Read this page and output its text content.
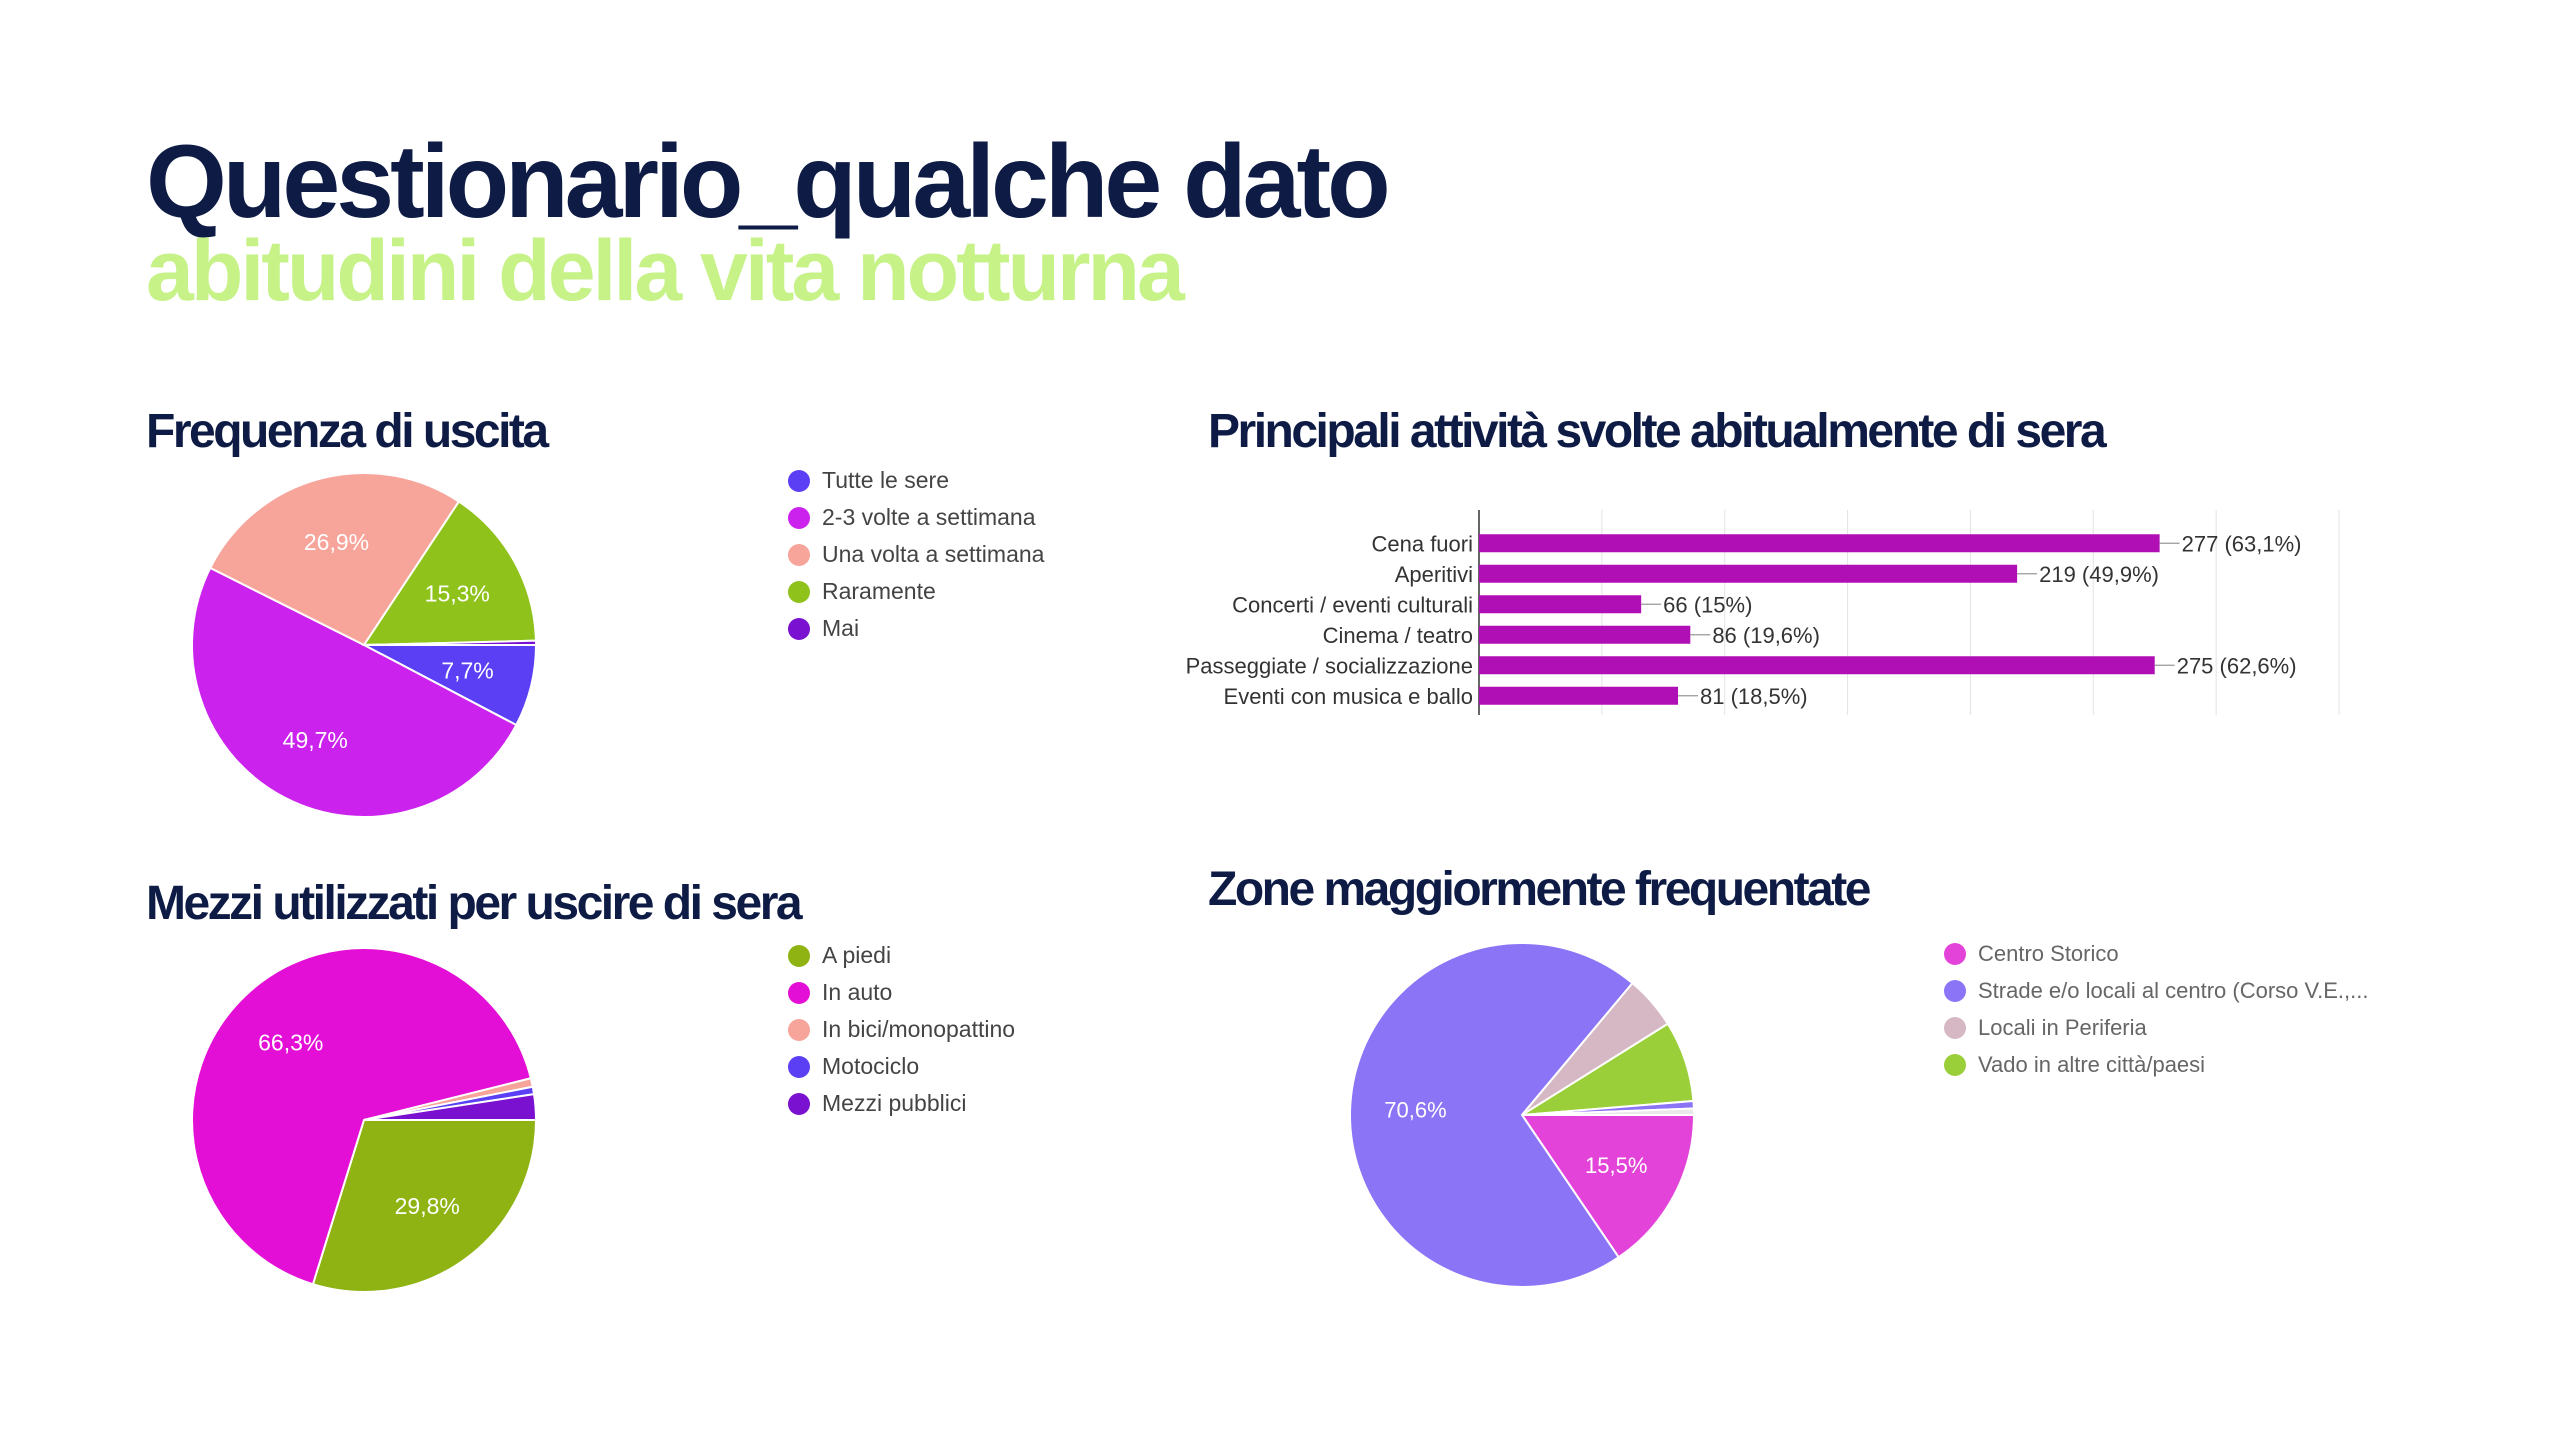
Questionario_qualche dato
abitudini della vita notturna
Frequenza di uscita
7,7%
49,7%
26,9%
15,3%
Tutte le sere
2-3 volte a settimana
Una volta a settimana
Raramente
Mai
Principali attività svolte abitualmente di sera
Cena fuori	277 (63,1%)
Aperitivi	219 (49,9%)
Concerti / eventi culturali	66 (15%)
Cinema / teatro	86 (19,6%)
Passeggiate / socializzazione	275 (62,6%)
Eventi con musica e ballo	81 (18,5%)
Mezzi utilizzati per uscire di sera
29,8%
66,3%
A piedi
In auto
In bici/monopattino
Motociclo
Mezzi pubblici
Zone maggiormente frequentate
15,5%
70,6%
Centro Storico
Strade e/o locali al centro (Corso V.E.,...
Locali in Periferia
Vado in altre città/paesi
